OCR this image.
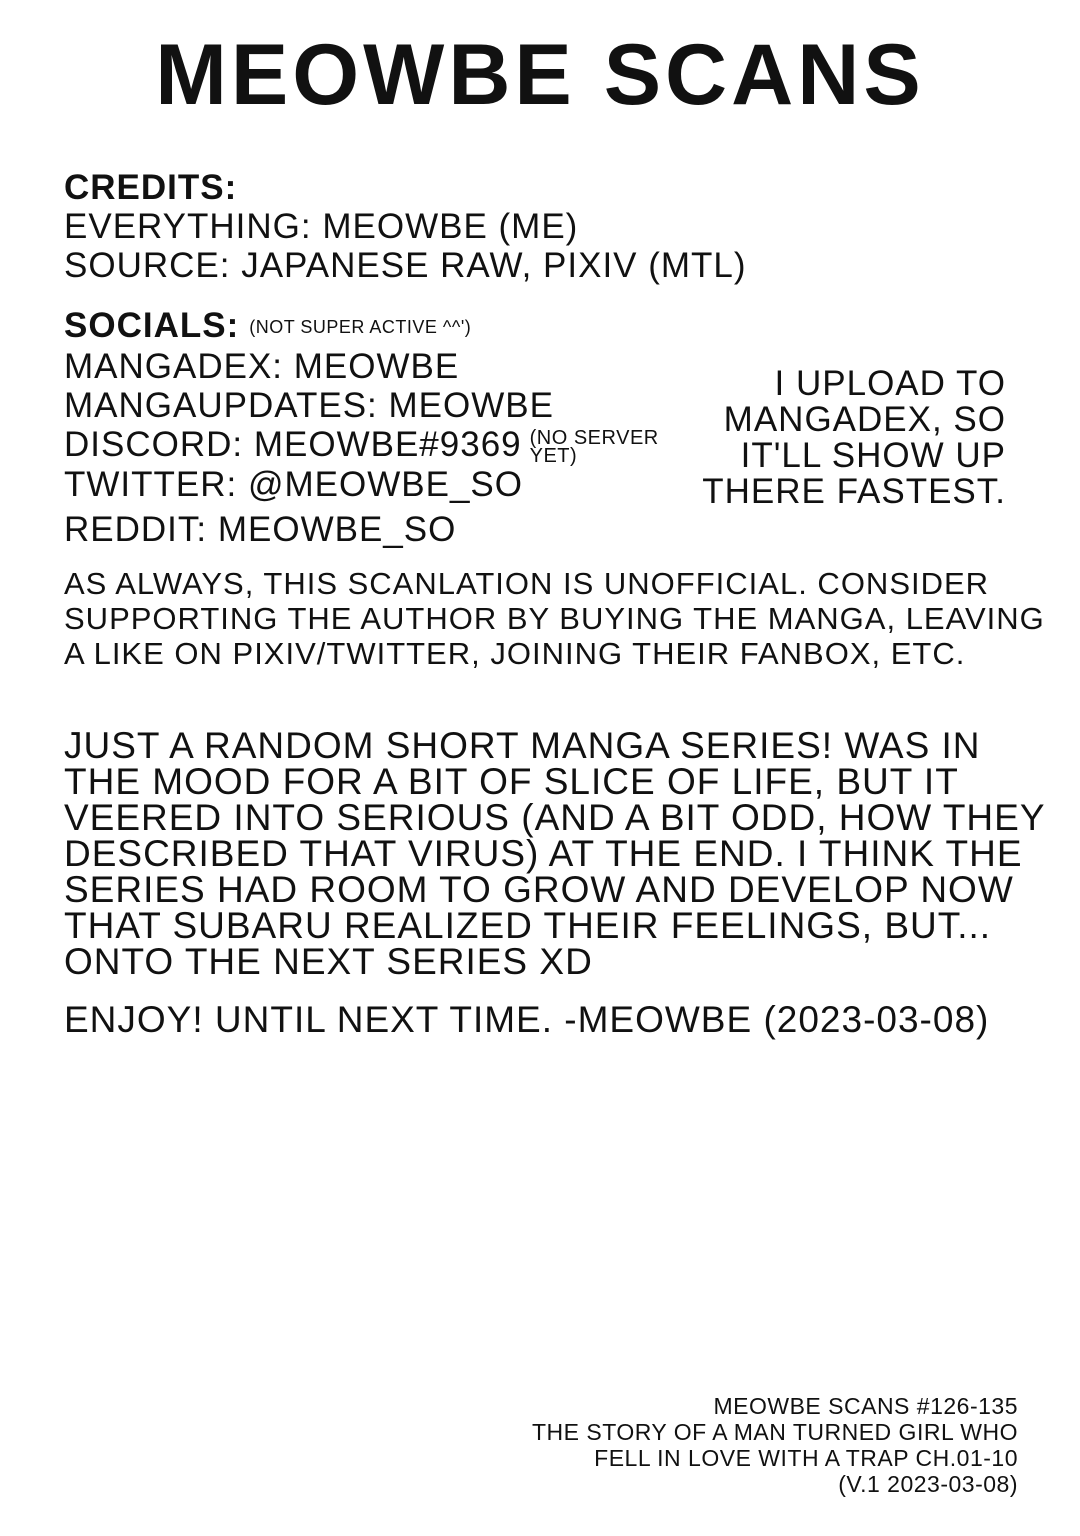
MEOWBE SCANS
CREDITS:
EVERYTHING: MEOWBE (ME)
SOURCE: JAPANESE RAW, PIXIV (MTL)
SOCIALS: (NOT SUPER ACTIVE ^^')
MANGADEX: MEOWBE
MANGAUPDATES: MEOWBE
DISCORD: MEOWBE#9369 (NO SERVER
YET)
TWITTER: @MEOWBE_SO
REDDIT: MEOWBE_SO
I UPLOAD TO
MANGADEX, SO
IT'LL SHOW UP
THERE FASTEST.
AS ALWAYS, THIS SCANLATION IS UNOFFICIAL. CONSIDER
SUPPORTING THE AUTHOR BY BUYING THE MANGA, LEAVING
A LIKE ON PIXIV/TWITTER, JOINING THEIR FANBOX, ETC.
JUST A RANDOM SHORT MANGA SERIES! WAS IN
THE MOOD FOR A BIT OF SLICE OF LIFE, BUT IT
VEERED INTO SERIOUS (AND A BIT ODD, HOW THEY
DESCRIBED THAT VIRUS) AT THE END. I THINK THE
SERIES HAD ROOM TO GROW AND DEVELOP NOW
THAT SUBARU REALIZED THEIR FEELINGS, BUT...
ONTO THE NEXT SERIES XD
ENJOY! UNTIL NEXT TIME. -MEOWBE (2023-03-08)
MEOWBE SCANS #126-135
THE STORY OF A MAN TURNED GIRL WHO
FELL IN LOVE WITH A TRAP CH.01-10
(V.1 2023-03-08)
